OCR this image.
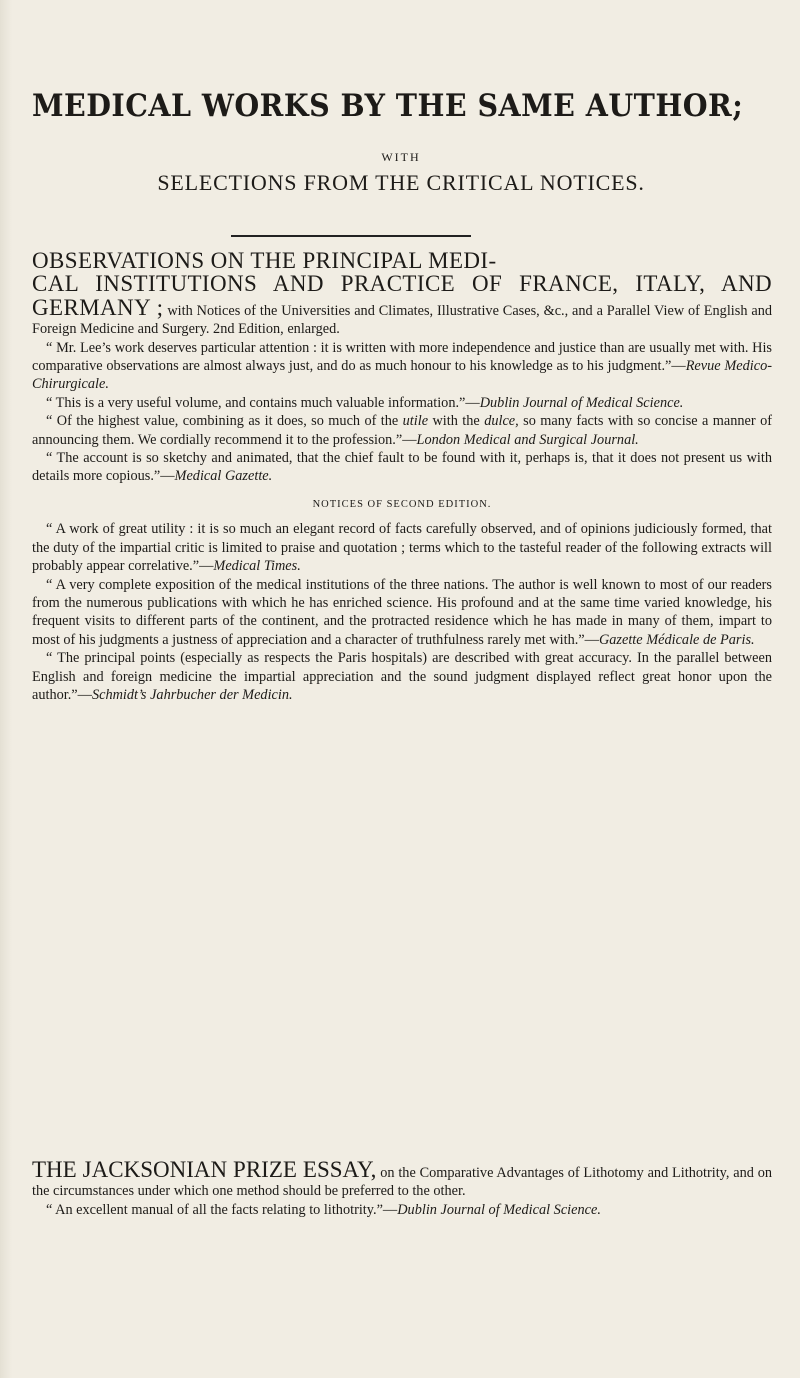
MEDICAL WORKS BY THE SAME AUTHOR;
WITH
SELECTIONS FROM THE CRITICAL NOTICES.

OBSERVATIONS ON THE PRINCIPAL MEDI-
CAL INSTITUTIONS AND PRACTICE OF FRANCE, ITALY, AND GERMANY ; with Notices of the Universities and Climates, Illustrative Cases, &c., and a Parallel View of English and Foreign Medicine and Surgery. 2nd Edition, enlarged.

“ Mr. Lee’s work deserves particular attention : it is written with more independence and justice than are usually met with. His comparative observations are almost always just, and do as much honour to his knowledge as to his judgment.”—Revue Medico-Chirurgicale.

“ This is a very useful volume, and contains much valuable information.”—Dublin Journal of Medical Science.

“ Of the highest value, combining as it does, so much of the utile with the dulce, so many facts with so concise a manner of announcing them. We cordially recommend it to the profession.”—London Medical and Surgical Journal.

“ The account is so sketchy and animated, that the chief fault to be found with it, perhaps is, that it does not present us with details more copious.”—Medical Gazette.

NOTICES OF SECOND EDITION.

“ A work of great utility : it is so much an elegant record of facts carefully observed, and of opinions judiciously formed, that the duty of the impartial critic is limited to praise and quotation ; terms which to the tasteful reader of the following extracts will probably appear correlative.”—Medical Times.

“ A very complete exposition of the medical institutions of the three nations. The author is well known to most of our readers from the numerous publications with which he has enriched science. His profound and at the same time varied knowledge, his frequent visits to different parts of the continent, and the protracted residence which he has made in many of them, impart to most of his judgments a justness of appreciation and a character of truthfulness rarely met with.”—Gazette Médicale de Paris.

“ The principal points (especially as respects the Paris hospitals) are described with great accuracy. In the parallel between English and foreign medicine the impartial appreciation and the sound judgment displayed reflect great honor upon the author.”—Schmidt’s Jahrbucher der Medicin.

THE JACKSONIAN PRIZE ESSAY, on the Comparative Advantages of Lithotomy and Lithotrity, and on the circumstances under which one method should be preferred to the other.

“ An excellent manual of all the facts relating to lithotrity.”—Dublin Journal of Medical Science.
